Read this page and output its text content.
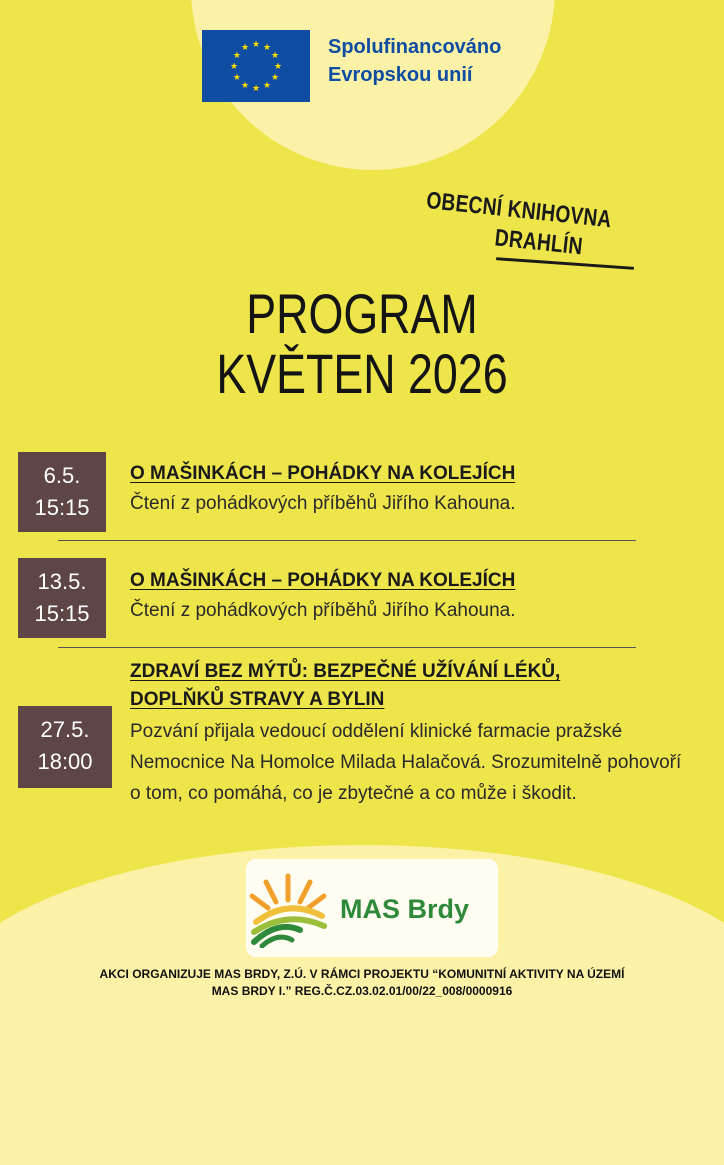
★ ★
★
★
★
★
★
★
★
★
★
★	Spolufinancováno
Evropskou unií
OBECNÍ KNIHOVNA
DRAHLÍN
PROGRAM
KVĚTEN 2026
6.5.
15:15
O MAŠINKÁCH – POHÁDKY NA KOLEJÍCH
Čtení z pohádkových příběhů Jiřího Kahouna.
13.5.
15:15
O MAŠINKÁCH – POHÁDKY NA KOLEJÍCH
Čtení z pohádkových příběhů Jiřího Kahouna.
27.5.
18:00
ZDRAVÍ BEZ MÝTŮ: BEZPEČNÉ UŽÍVÁNÍ LÉKŮ,
DOPLŇKŮ STRAVY A BYLIN
Pozvání přijala vedoucí oddělení klinické farmacie pražské Nemocnice Na Homolce Milada Halačová. Srozumitelně pohovoří o tom, co pomáhá, co je zbytečné a co může i škodit.
MAS Brdy
AKCI ORGANIZUJE MAS BRDY, Z.Ú. V RÁMCI PROJEKTU “KOMUNITNÍ AKTIVITY NA ÚZEMÍ
MAS BRDY I.” REG.Č.CZ.03.02.01/00/22_008/0000916
